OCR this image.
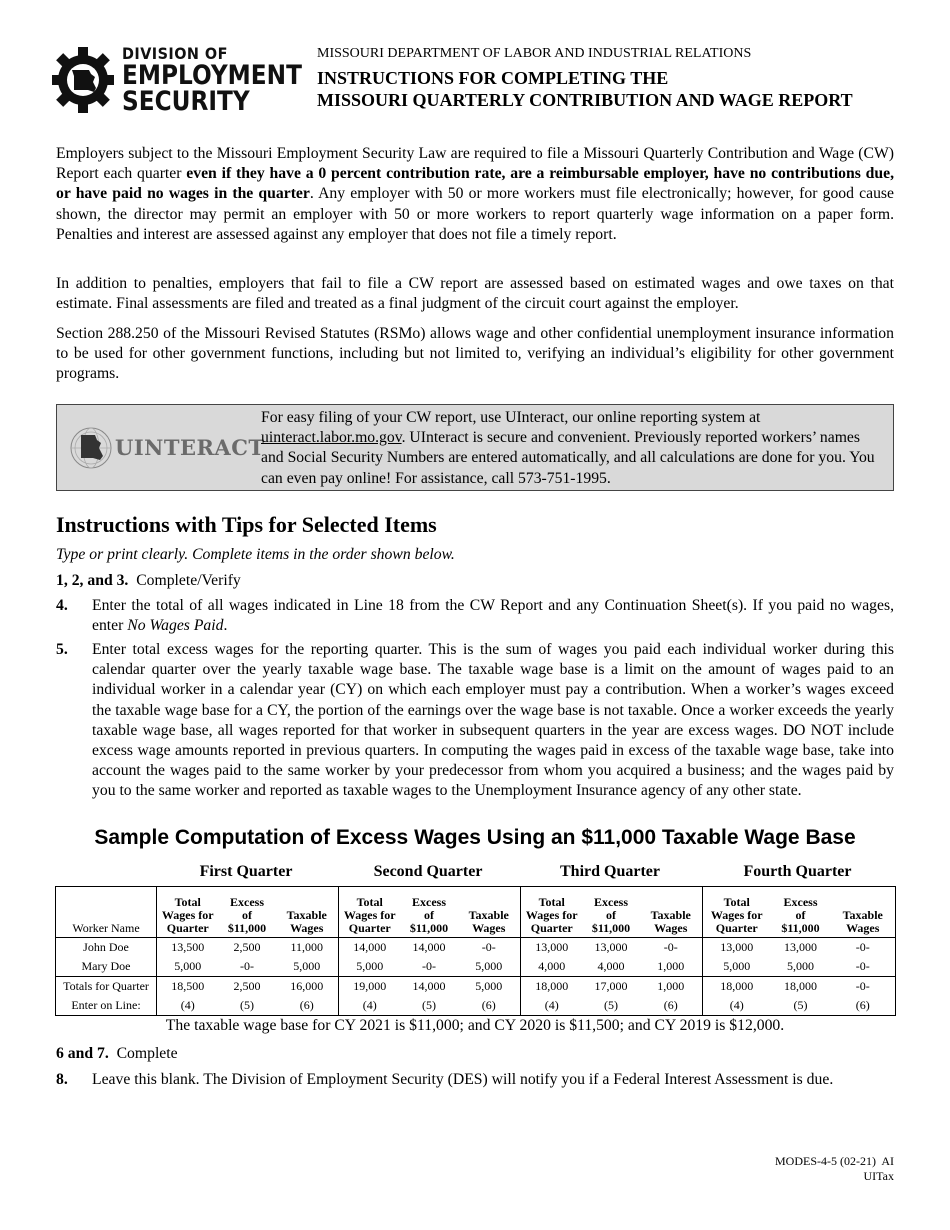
DIVISION OF
EMPLOYMENT
SECURITY
MISSOURI DEPARTMENT OF LABOR AND INDUSTRIAL RELATIONS
INSTRUCTIONS FOR COMPLETING THE
MISSOURI QUARTERLY CONTRIBUTION AND WAGE REPORT

Employers subject to the Missouri Employment Security Law are required to file a Missouri Quarterly Contribution and Wage (CW) Report each quarter even if they have a 0 percent contribution rate, are a reimbursable employer, have no contributions due, or have paid no wages in the quarter. Any employer with 50 or more workers must file electronically; however, for good cause shown, the director may permit an employer with 50 or more workers to report quarterly wage information on a paper form. Penalties and interest are assessed against any employer that does not file a timely report.

In addition to penalties, employers that fail to file a CW report are assessed based on estimated wages and owe taxes on that estimate. Final assessments are filed and treated as a final judgment of the circuit court against the employer.

Section 288.250 of the Missouri Revised Statutes (RSMo) allows wage and other confidential unemployment insurance information to be used for other government functions, including but not limited to, verifying an individual’s eligibility for other government programs.

UINTERACT
For easy filing of your CW report, use UInteract, our online reporting system at uinteract.labor.mo.gov. UInteract is secure and convenient. Previously reported workers’ names and Social Security Numbers are entered automatically, and all calculations are done for you. You can even pay online! For assistance, call 573-751-1995.
Instructions with Tips for Selected Items
Type or print clearly. Complete items in the order shown below.
1, 2, and 3. Complete/Verify
4. Enter the total of all wages indicated in Line 18 from the CW Report and any Continuation Sheet(s). If you paid no wages, enter No Wages Paid.
5. Enter total excess wages for the reporting quarter. This is the sum of wages you paid each individual worker during this calendar quarter over the yearly taxable wage base. The taxable wage base is a limit on the amount of wages paid to an individual worker in a calendar year (CY) on which each employer must pay a contribution. When a worker’s wages exceed the taxable wage base for a CY, the portion of the earnings over the wage base is not taxable. Once a worker exceeds the yearly taxable wage base, all wages reported for that worker in subsequent quarters in the year are excess wages. DO NOT include excess wage amounts reported in previous quarters. In computing the wages paid in excess of the taxable wage base, take into account the wages paid to the same worker by your predecessor from whom you acquired a business; and the wages paid by you to the same worker and reported as taxable wages to the Unemployment Insurance agency of any other state.
Sample Computation of Excess Wages Using an $11,000 Taxable Wage Base
First Quarter	Second Quarter	Third Quarter	Fourth Quarter
Worker Name	Total
Wages for
Quarter	Excess
of
$11,000	Taxable
Wages	Total
Wages for
Quarter	Excess
of
$11,000	Taxable
Wages	Total
Wages for
Quarter	Excess
of
$11,000	Taxable
Wages	Total
Wages for
Quarter	Excess
of
$11,000	Taxable
Wages
John Doe	13,500	2,500	11,000	14,000	14,000	-0-	13,000	13,000	-0-	13,000	13,000	-0-
Mary Doe	5,000	-0-	5,000	5,000	-0-	5,000	4,000	4,000	1,000	5,000	5,000	-0-
Totals for Quarter	18,500	2,500	16,000	19,000	14,000	5,000	18,000	17,000	1,000	18,000	18,000	-0-
Enter on Line:	(4)	(5)	(6)	(4)	(5)	(6)	(4)	(5)	(6)	(4)	(5)	(6)
The taxable wage base for CY 2021 is $11,000; and CY 2020 is $11,500; and CY 2019 is $12,000.
6 and 7. Complete
8. Leave this blank. The Division of Employment Security (DES) will notify you if a Federal Interest Assessment is due.
MODES-4-5 (02-21)  AI
UITax
